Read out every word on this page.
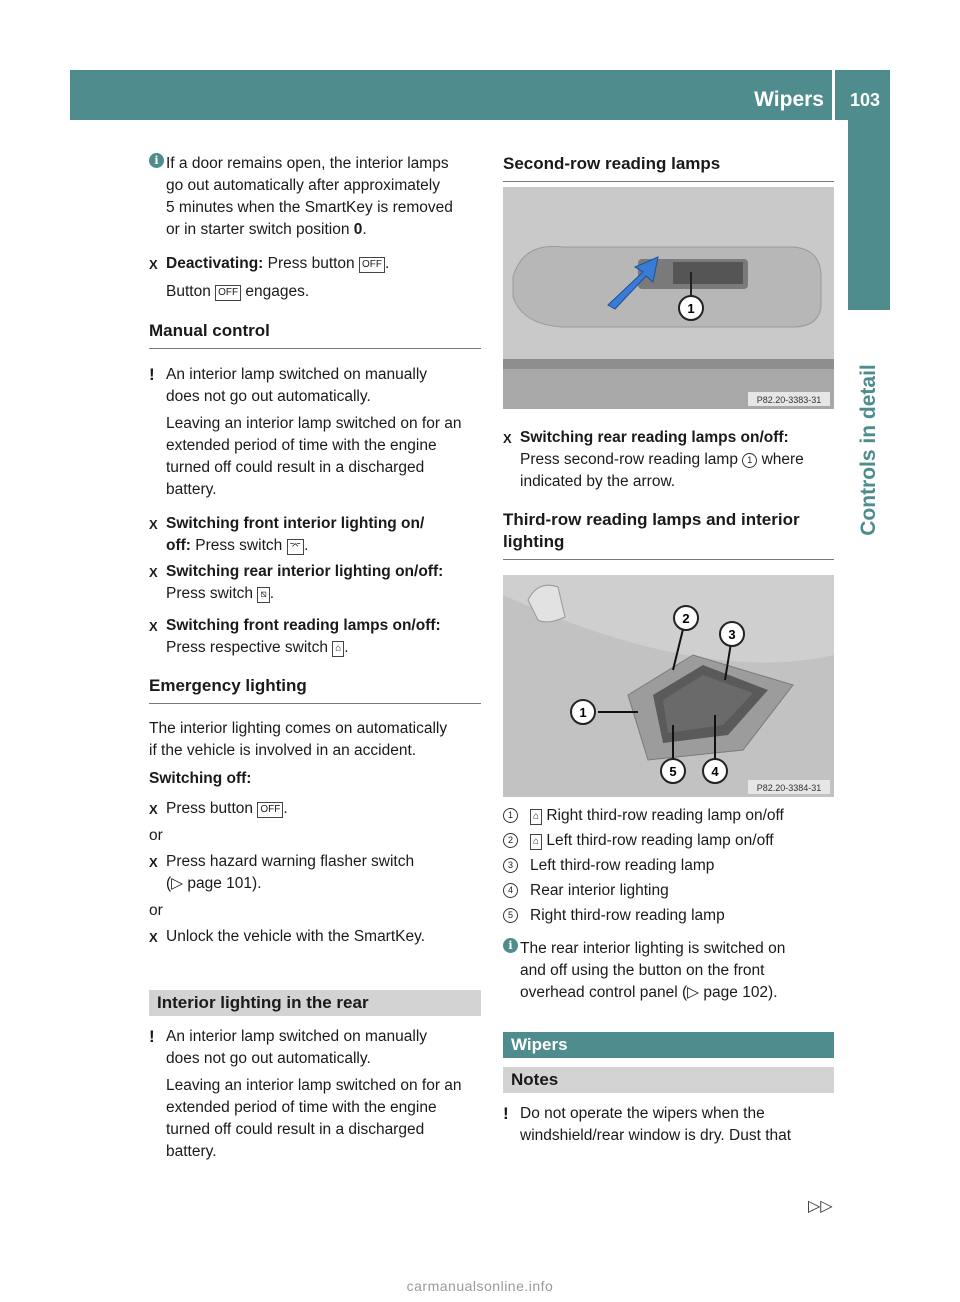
Wipers	103
Controls in detail
i If a door remains open, the interior lamps
go out automatically after approximately
5 minutes when the SmartKey is removed
or in starter switch position 0.
X Deactivating: Press button OFF .
Button OFF engages.
Manual control
! An interior lamp switched on manually
does not go out automatically.
Leaving an interior lamp switched on for an
extended period of time with the engine
turned off could result in a discharged
battery.
X Switching front interior lighting on/
off: Press switch ⌤ .
X Switching rear interior lighting on/off:
Press switch ⧅ .
X Switching front reading lamps on/off:
Press respective switch ⌂ .
Emergency lighting
The interior lighting comes on automatically
if the vehicle is involved in an accident.
Switching off:
X Press button OFF .
or
X Press hazard warning flasher switch
(▷ page 101).
or
X Unlock the vehicle with the SmartKey.
Interior lighting in the rear
! An interior lamp switched on manually
does not go out automatically.
Leaving an interior lamp switched on for an
extended period of time with the engine
turned off could result in a discharged
battery.
Second-row reading lamps
1
P82.20-3383-31
X Switching rear reading lamps on/off:
Press second-row reading lamp 1 where
indicated by the arrow.
Third-row reading lamps and interior
lighting
2
3
1
5	4
P82.20-3384-31
1	⌂ Right third-row reading lamp on/off
2	⌂ Left third-row reading lamp on/off
3	Left third-row reading lamp
4	Rear interior lighting
5	Right third-row reading lamp
i The rear interior lighting is switched on
and off using the button on the front
overhead control panel (▷ page 102).
Wipers
Notes
! Do not operate the wipers when the
windshield/rear window is dry. Dust that
▷▷
carmanualsonline.info
